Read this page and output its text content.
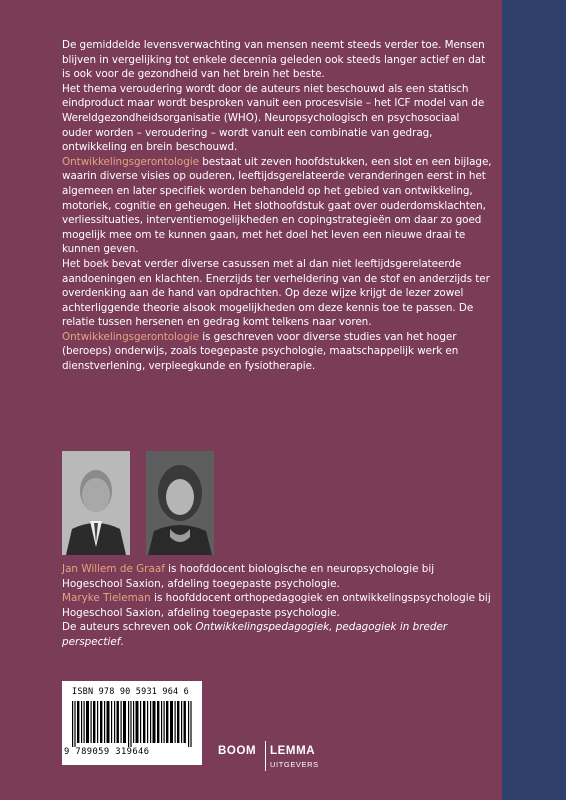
De gemiddelde levensverwachting van mensen neemt steeds verder toe. Mensen blijven in vergelijking tot enkele decennia geleden ook steeds langer actief en dat is ook voor de gezondheid van het brein het beste.

Het thema veroudering wordt door de auteurs niet beschouwd als een statisch eindproduct maar wordt besproken vanuit een procesvisie – het ICF model van de Wereldgezondheidsorganisatie (WHO). Neuropsychologisch en psychosociaal ouder worden – veroudering – wordt vanuit een combinatie van gedrag, ontwikkeling en brein beschouwd.

Ontwikkelingsgerontologie bestaat uit zeven hoofdstukken, een slot en een bijlage, waarin diverse visies op ouderen, leeftijdsgerelateerde veranderingen eerst in het algemeen en later specifiek worden behandeld op het gebied van ontwikkeling, motoriek, cognitie en geheugen. Het slothoofdstuk gaat over ouderdomsklachten, verliessituaties, interventiemogelijkheden en copingstrategieën om daar zo goed mogelijk mee om te kunnen gaan, met het doel het leven een nieuwe draai te kunnen geven.

Het boek bevat verder diverse casussen met al dan niet leeftijdsgerelateerde aandoeningen en klachten. Enerzijds ter verheldering van de stof en anderzijds ter overdenking aan de hand van opdrachten. Op deze wijze krijgt de lezer zowel achterliggende theorie alsook mogelijkheden om deze kennis toe te passen. De relatie tussen hersenen en gedrag komt telkens naar voren.

Ontwikkelingsgerontologie is geschreven voor diverse studies van het hoger (beroeps) onderwijs, zoals toegepaste psychologie, maatschappelijk werk en dienstverlening, verpleegkunde en fysiotherapie.

Jan Willem de Graaf is hoofddocent biologische en neuropsychologie bij Hogeschool Saxion, afdeling toegepaste psychologie.

Maryke Tieleman is hoofddocent orthopedagogiek en ontwikkelingspsychologie bij Hogeschool Saxion, afdeling toegepaste psychologie.

De auteurs schreven ook Ontwikkelingspedagogiek, pedagogiek in breder perspectief.

ISBN 978 90 5931 964 6
9 789059 319646	BOOM LEMMA
UITGEVERS
